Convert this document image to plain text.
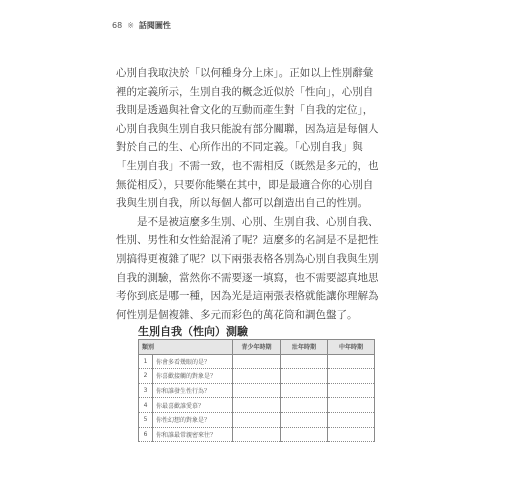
68 ※ 話閱圖性

心別自我取決於「以何種身分上床」。正如以上性別辭彙
裡的定義所示，生別自我的概念近似於「性向」，心別自
我則是透過與社會文化的互動而產生對「自我的定位」，
心別自我與生別自我只能說有部分關聯，因為這是每個人
對於自己的生、心所作出的不同定義。「心別自我」與
「生別自我」不需一致，也不需相反（既然是多元的，也
無從相反），只要你能樂在其中，即是最適合你的心別自
我與生別自我，所以每個人都可以創造出自己的性別。

　　是不是被這麼多生別、心別、生別自我、心別自我、
性別、男性和女性給混淆了呢？這麼多的名詞是不是把性
別搞得更複雜了呢？以下兩張表格各別為心別自我與生別
自我的測驗，當然你不需要逐一填寫，也不需要認真地思
考你到底是哪一種，因為光是這兩張表格就能讓你理解為
何性別是個複雜、多元而彩色的萬花筒和調色盤了。

生別自我（性向）測驗
類別		青少年時期	壯年時期	中年時期
1	你會多看幾眼的是？			
2	你喜歡接觸的對象是？			
3	你和誰發生性行為？			
4	你最喜歡誰愛慕？			
5	你性幻想的對象是？			
6	你和誰最常親密來往？			
